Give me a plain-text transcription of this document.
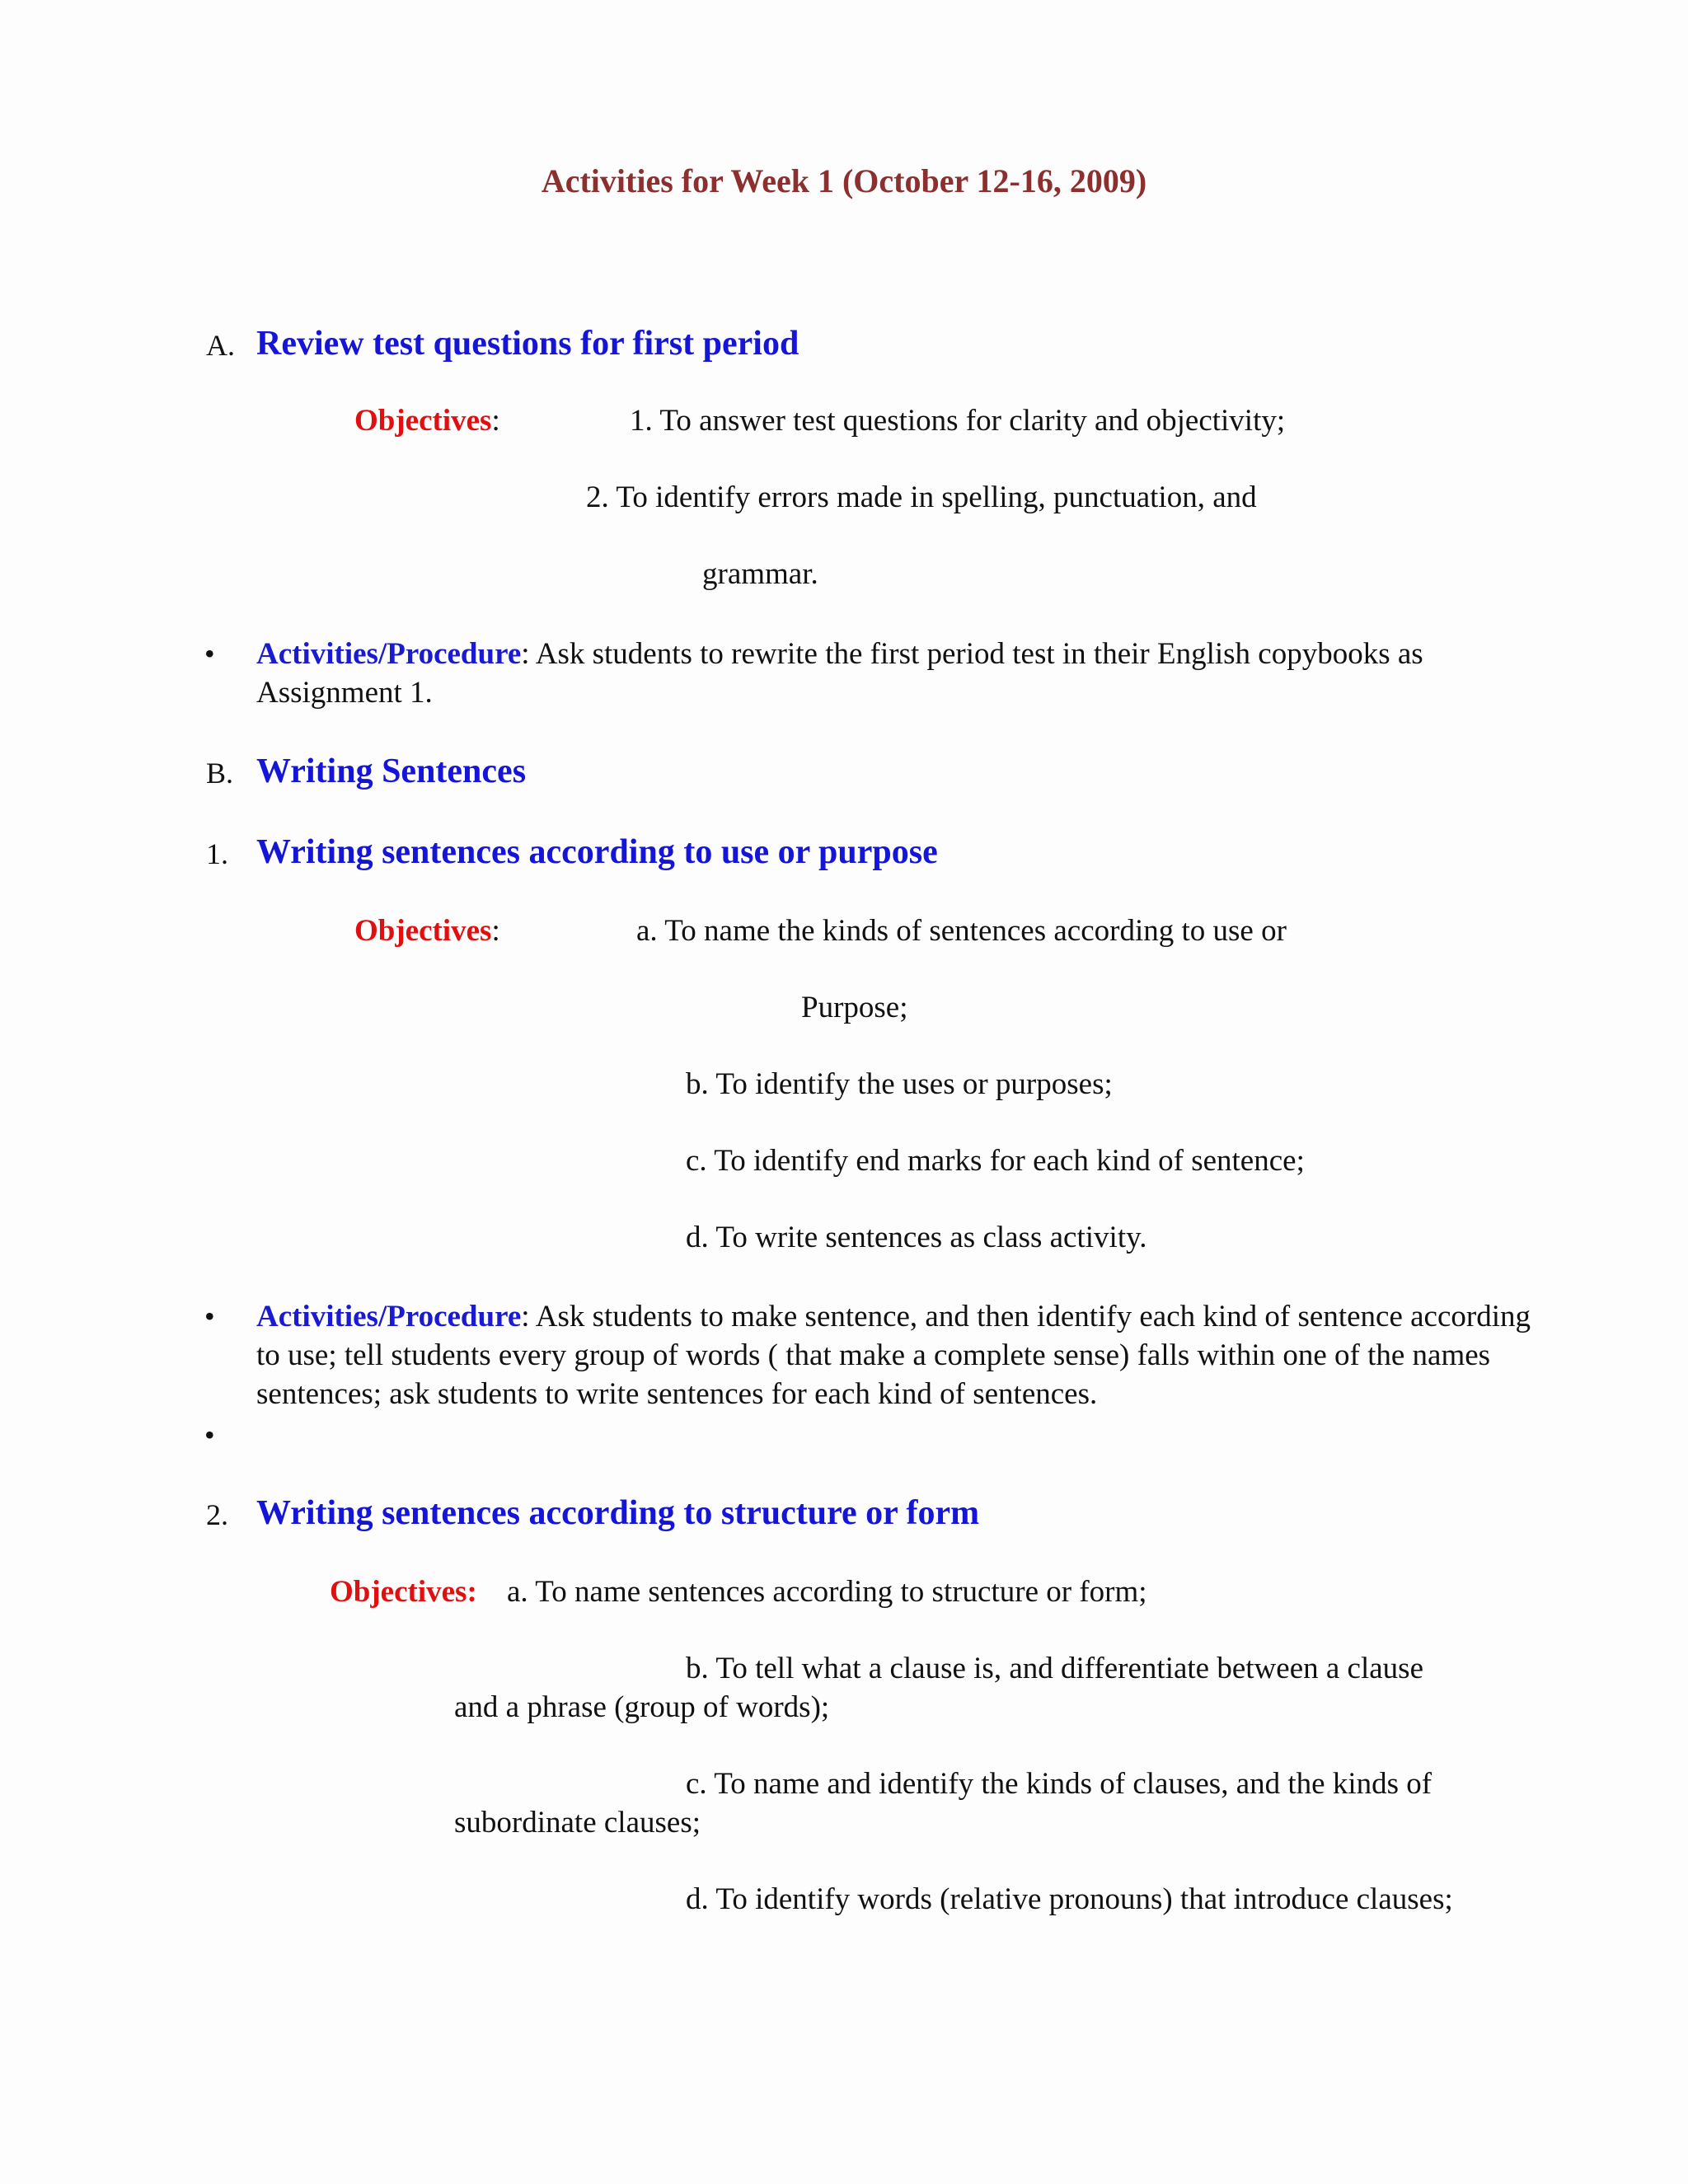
Activities for Week 1 (October 12-16, 2009)
A. Review test questions for first period
Objectives:	1. To answer test questions for clarity and objectivity;
2. To identify errors made in spelling, punctuation, and
grammar.
• Activities/Procedure: Ask students to rewrite the first period test in their English copybooks as Assignment 1.
B. Writing Sentences
1. Writing sentences according to use or purpose
Objectives:	a. To name the kinds of sentences according to use or
Purpose;
b. To identify the uses or purposes;
c. To identify end marks for each kind of sentence;
d. To write sentences as class activity.
• Activities/Procedure: Ask students to make sentence, and then identify each kind of sentence according to use; tell students every group of words ( that make a complete sense) falls within one of the names sentences; ask students to write sentences for each kind of sentences.
•
2. Writing sentences according to structure or form
Objectives: a. To name sentences according to structure or form;
b. To tell what a clause is, and differentiate between a clause
and a phrase (group of words);
c. To name and identify the kinds of clauses, and the kinds of
subordinate clauses;
d. To identify words (relative pronouns) that introduce clauses;
